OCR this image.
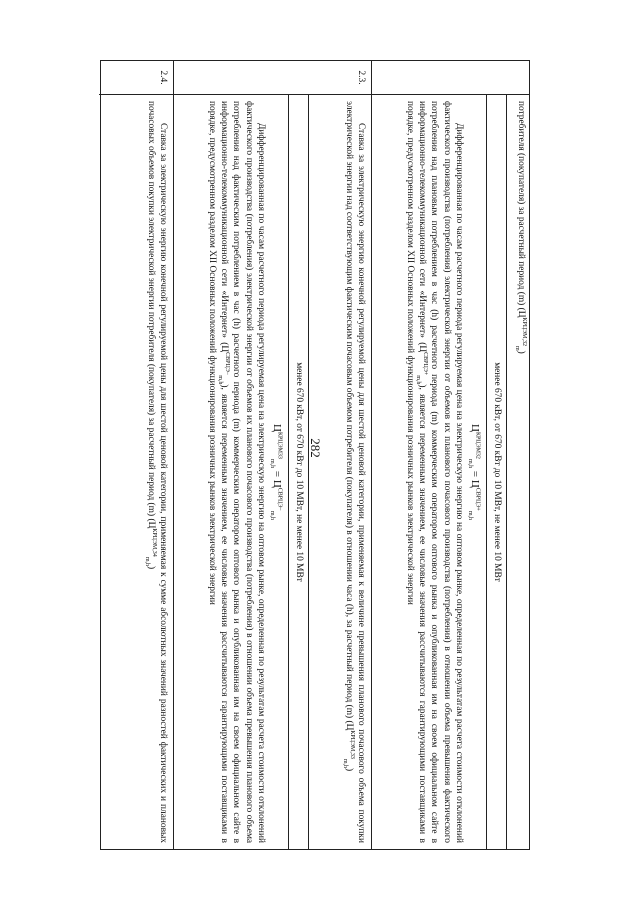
282
потребителя (покупателя) за расчетный период (m) $(Ц^{КРЦЭМ,32}_m)$
менее 670 кВт, от 670 кВт до 10 МВт, не менее 10 МВт
$Ц^{КРЦЭМ32}_{m,h} = Ц^{СВРЦЭ+}_{m,h}$
Дифференцированная по часам расчетного периода регулируемая цена на электрическую энергию на оптовом рынке, определенная по результатам расчета стоимости отклонений фактического производства (потребления) электрической энергии от объемов их планового почасового производства (потребления) в отношении объема превышения фактического потребления над плановым потреблением в час (h) расчетного периода (m) коммерческим оператором оптового рынка и опубликованная им на своем официальном сайте в информационно-телекоммуникационной сети «Интернет» $(Ц^{СВРЦЭ+}_{m,h})$, является переменным значением, ее числовые значения рассчитываются гарантирующими поставщиками в порядке, предусмотренном разделом XII Основных положений функционирования розничных рынков электрической энергии
2.3.
Ставка за электрическую энергию конечной регулируемой цены для шестой ценовой категории, применяемая к величине превышения планового почасового объема покупки электрической энергии над соответствующим фактическим почасовым объемом потребителя (покупателя) в отношении часа (h), за расчетный период (m) $(Ц^{КРЦЭМ,33}_{m,h})$
менее 670 кВт, от 670 кВт до 10 МВт, не менее 10 МВт
$Ц^{КРЦЭМ33}_{m,h} = Ц^{СВРЦЭ-}_{m,h}$
Дифференцированная по часам расчетного периода регулируемая цена на электрическую энергию на оптовом рынке, определенная по результатам расчета стоимости отклонений фактического производства (потребления) электрической энергии от объемов их планового почасового производства (потребления) в отношении объема превышения планового объема потребления над фактическим потреблением в час (h) расчетного периода (m) коммерческим оператором оптового рынка и опубликованная им на своем официальном сайте в информационно-телекоммуникационной сети «Интернет» $(Ц^{СВРЦЭ-}_{m,h})$, является переменным значением, ее числовые значения рассчитываются гарантирующими поставщиками в порядке, предусмотренном разделом XII Основных положений функционирования розничных рынков электрической энергии
2.4.
Ставка за электрическую энергию конечной регулируемой цены для шестой ценовой категории, применяемая к сумме абсолютных значений разностей фактических и плановых почасовых объемов покупки электрической энергии потребителя (покупателя) за расчетный период (m) $(Ц^{КРЦЭМ,34}_{m,h})$
